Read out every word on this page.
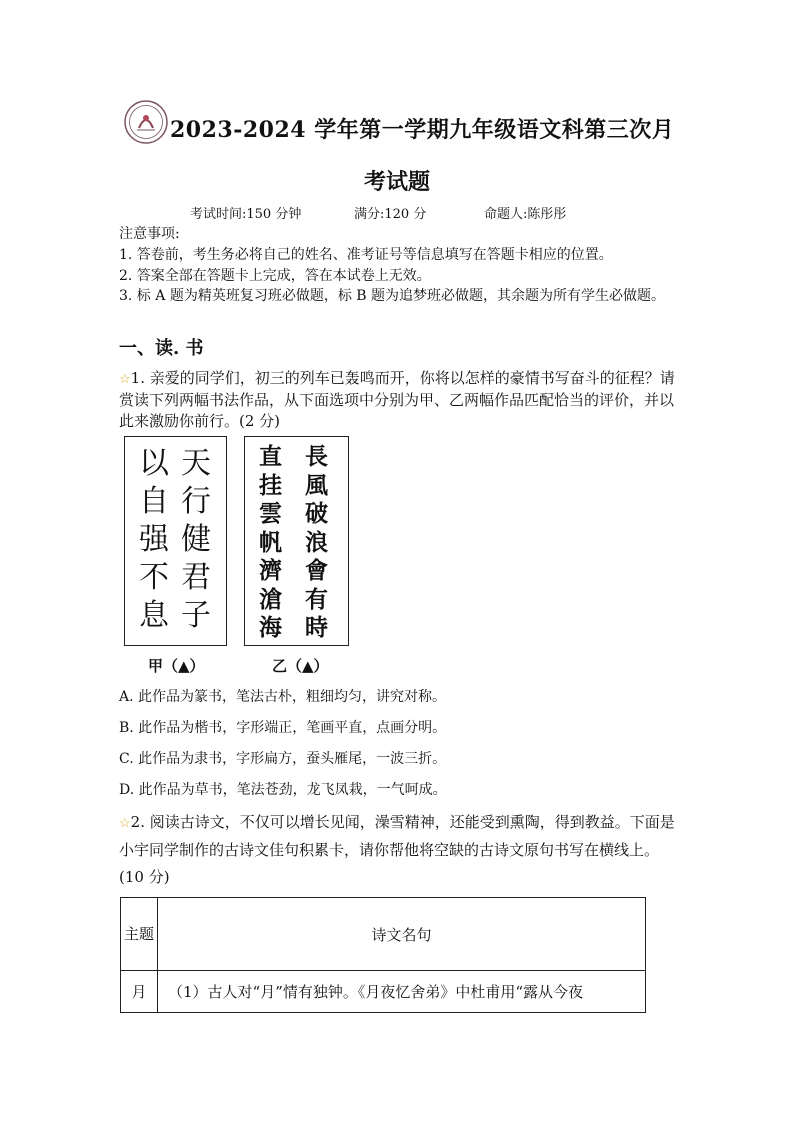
2023-2024 学年第一学期九年级语文科第三次月
考试题
考试时间:150 分钟	满分:120 分	命题人:陈彤彤
注意事项:
1. 答卷前，考生务必将自己的姓名、准考证号等信息填写在答题卡相应的位置。
2. 答案全部在答题卡上完成，答在本试卷上无效。
3. 标 A 题为精英班复习班必做题，标 B 题为追梦班必做题，其余题为所有学生必做题。
一、读. 书
☆1. 亲爱的同学们，初三的列车已轰鸣而开，你将以怎样的豪情书写奋斗的征程？请赏读下列两幅书法作品，从下面选项中分别为甲、乙两幅作品匹配恰当的评价，并以此来激励你前行。(2 分)
以
自
强
不
息
天
行
健
君
子
甲（▲）
直
挂
雲
帆
濟
滄
海
長
風
破
浪
會
有
時
乙（▲）
A. 此作品为篆书，笔法古朴，粗细均匀，讲究对称。
B. 此作品为楷书，字形端正，笔画平直，点画分明。
C. 此作品为隶书，字形扁方，蚕头雁尾，一波三折。
D. 此作品为草书，笔法苍劲，龙飞凤栽，一气呵成。
☆2. 阅读古诗文，不仅可以增长见闻，澡雪精神，还能受到熏陶，得到教益。下面是小宇同学制作的古诗文佳句积累卡，请你帮他将空缺的古诗文原句书写在横线上。(10 分)
主题	诗文名句
月	（1）古人对“月”情有独钟。《月夜忆舍弟》中杜甫用“露从今夜
